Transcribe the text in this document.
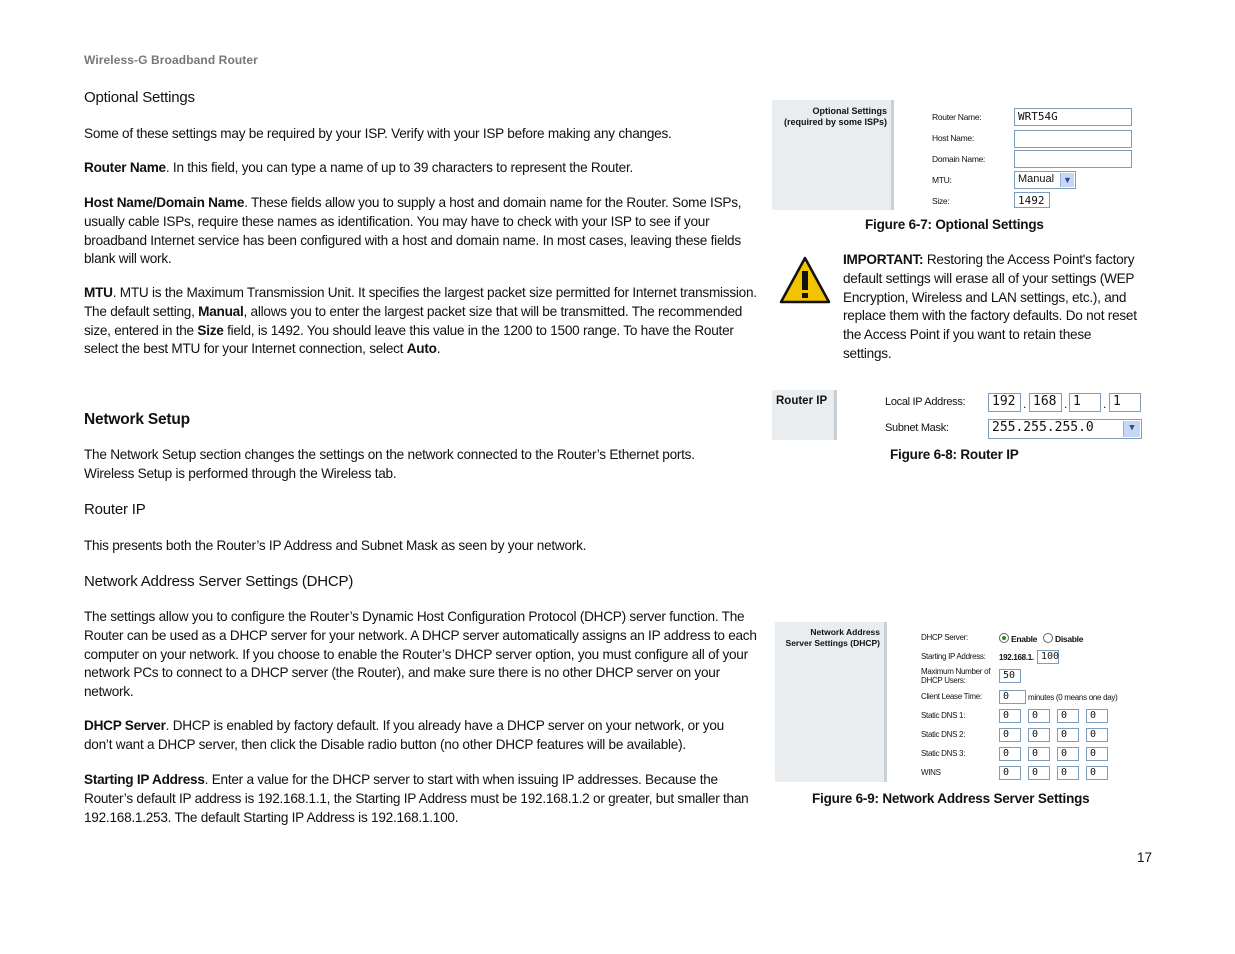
Wireless-G Broadband Router

Optional Settings

Some of these settings may be required by your ISP. Verify with your ISP before making any changes.

Router Name. In this field, you can type a name of up to 39 characters to represent the Router.

Host Name/Domain Name. These fields allow you to supply a host and domain name for the Router. Some ISPs, usually cable ISPs, require these names as identification. You may have to check with your ISP to see if your broadband Internet service has been configured with a host and domain name. In most cases, leaving these fields blank will work.

MTU. MTU is the Maximum Transmission Unit. It specifies the largest packet size permitted for Internet transmission. The default setting, Manual, allows you to enter the largest packet size that will be transmitted. The recommended size, entered in the Size field, is 1492. You should leave this value in the 1200 to 1500 range. To have the Router select the best MTU for your Internet connection, select Auto.

Network Setup

The Network Setup section changes the settings on the network connected to the Router’s Ethernet ports. Wireless Setup is performed through the Wireless tab.

Router IP

This presents both the Router’s IP Address and Subnet Mask as seen by your network.

Network Address Server Settings (DHCP)

The settings allow you to configure the Router’s Dynamic Host Configuration Protocol (DHCP) server function. The Router can be used as a DHCP server for your network. A DHCP server automatically assigns an IP address to each computer on your network. If you choose to enable the Router’s DHCP server option, you must configure all of your network PCs to connect to a DHCP server (the Router), and make sure there is no other DHCP server on your network.

DHCP Server. DHCP is enabled by factory default. If you already have a DHCP server on your network, or you don’t want a DHCP server, then click the Disable radio button (no other DHCP features will be available).

Starting IP Address. Enter a value for the DHCP server to start with when issuing IP addresses. Because the Router’s default IP address is 192.168.1.1, the Starting IP Address must be 192.168.1.2 or greater, but smaller than 192.168.1.253. The default Starting IP Address is 192.168.1.100.

Optional Settings
(required by some ISPs)	Router Name:	WRT54G
Host Name:
Domain Name:
MTU:	Manual ▼
Size:	1492
Figure 6-7: Optional Settings

IMPORTANT: Restoring the Access Point's factory default settings will erase all of your settings (WEP Encryption, Wireless and LAN settings, etc.), and replace them with the factory defaults. Do not reset the Access Point if you want to retain these settings.

Router IP	Local IP Address:	192 . 168 . 1	. 1
Subnet Mask:	255.255.255.0	▼
Figure 6-8: Router IP
Network Address
Server Settings (DHCP)	DHCP Server:	Enable	Disable
Starting IP Address: 192.168.1. 100
Maximum Number of
DHCP Users:	50
Client Lease Time:	0	minutes (0 means one day)
Static DNS 1:	0	0	0	0
Static DNS 2:	0	0	0	0
Static DNS 3:	0	0	0	0
WINS	0	0	0	0
Figure 6-9: Network Address Server Settings
17
